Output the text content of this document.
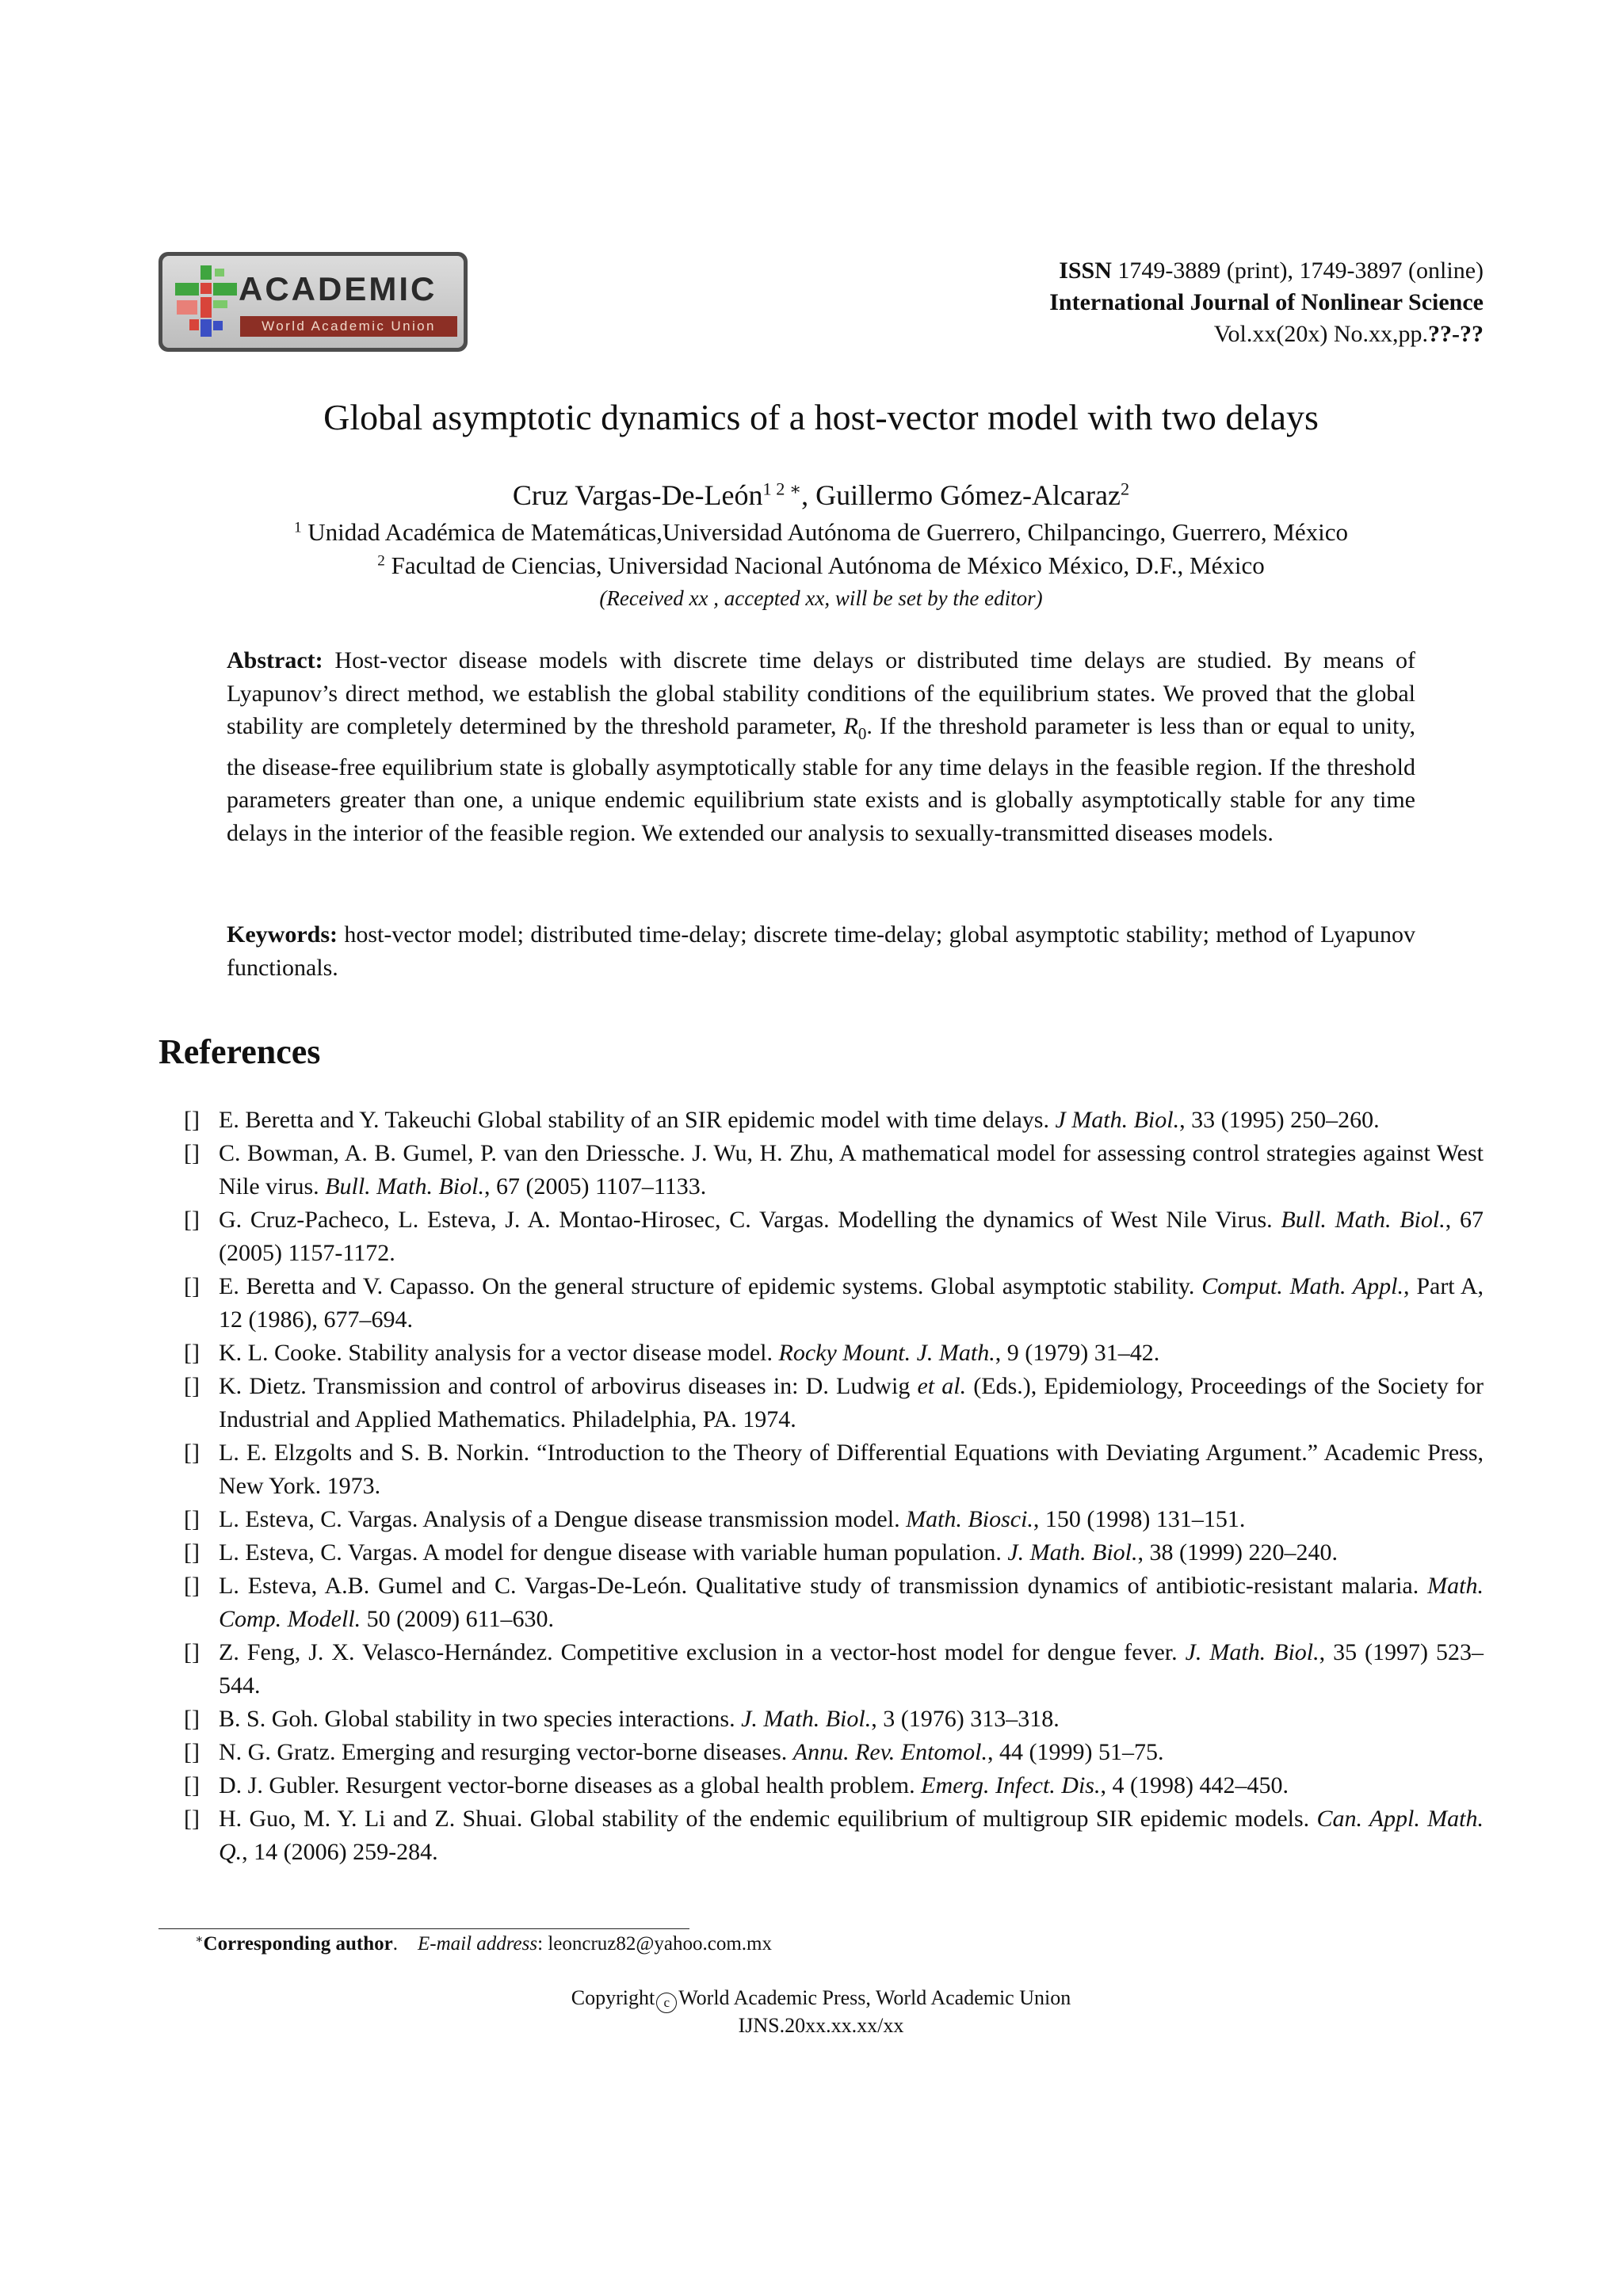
ACADEMIC
World Academic Union
ISSN 1749-3889 (print), 1749-3897 (online)
International Journal of Nonlinear Science
Vol.xx(20x) No.xx,pp.??-??
Global asymptotic dynamics of a host-vector model with two delays
Cruz Vargas-De-León$^{1 2 ∗}$, Guillermo Gómez-Alcaraz$^2$
$^1$ Unidad Académica de Matemáticas,Universidad Autónoma de Guerrero, Chilpancingo, Guerrero, México
$^2$ Facultad de Ciencias, Universidad Nacional Autónoma de México México, D.F., México
(Received xx , accepted xx, will be set by the editor)
Abstract: Host-vector disease models with discrete time delays or distributed time delays are studied. By means of Lyapunov’s direct method, we establish the global stability conditions of the equilibrium states. We proved that the global stability are completely determined by the threshold parameter, $R_0$. If the threshold parameter is less than or equal to unity, the disease-free equilibrium state is globally asymptotically stable for any time delays in the feasible region. If the threshold parameters greater than one, a unique endemic equilibrium state exists and is globally asymptotically stable for any time delays in the interior of the feasible region. We extended our analysis to sexually-transmitted diseases models.
Keywords: host-vector model; distributed time-delay; discrete time-delay; global asymptotic stability; method of Lyapunov functionals.
References
[] E. Beretta and Y. Takeuchi Global stability of an SIR epidemic model with time delays. J Math. Biol., 33 (1995) 250–260.
[] C. Bowman, A. B. Gumel, P. van den Driessche. J. Wu, H. Zhu, A mathematical model for assessing control strategies against West Nile virus. Bull. Math. Biol., 67 (2005) 1107–1133.
[] G. Cruz-Pacheco, L. Esteva, J. A. Montao-Hirosec, C. Vargas. Modelling the dynamics of West Nile Virus. Bull. Math. Biol., 67 (2005) 1157-1172.
[] E. Beretta and V. Capasso. On the general structure of epidemic systems. Global asymptotic stability. Comput. Math. Appl., Part A, 12 (1986), 677–694.
[] K. L. Cooke. Stability analysis for a vector disease model. Rocky Mount. J. Math., 9 (1979) 31–42.
[] K. Dietz. Transmission and control of arbovirus diseases in: D. Ludwig et al. (Eds.), Epidemiology, Proceedings of the Society for Industrial and Applied Mathematics. Philadelphia, PA. 1974.
[] L. E. Elzgolts and S. B. Norkin. “Introduction to the Theory of Differential Equations with Deviating Argument.” Academic Press, New York. 1973.
[] L. Esteva, C. Vargas. Analysis of a Dengue disease transmission model. Math. Biosci., 150 (1998) 131–151.
[] L. Esteva, C. Vargas. A model for dengue disease with variable human population. J. Math. Biol., 38 (1999) 220–240.
[] L. Esteva, A.B. Gumel and C. Vargas-De-León. Qualitative study of transmission dynamics of antibiotic-resistant malaria. Math. Comp. Modell. 50 (2009) 611–630.
[] Z. Feng, J. X. Velasco-Hernández. Competitive exclusion in a vector-host model for dengue fever. J. Math. Biol., 35 (1997) 523–544.
[] B. S. Goh. Global stability in two species interactions. J. Math. Biol., 3 (1976) 313–318.
[] N. G. Gratz. Emerging and resurging vector-borne diseases. Annu. Rev. Entomol., 44 (1999) 51–75.
[] D. J. Gubler. Resurgent vector-borne diseases as a global health problem. Emerg. Infect. Dis., 4 (1998) 442–450.
[] H. Guo, M. Y. Li and Z. Shuai. Global stability of the endemic equilibrium of multigroup SIR epidemic models. Can. Appl. Math. Q., 14 (2006) 259-284.
∗Corresponding author. E-mail address: leoncruz82@yahoo.com.mx
Copyright c World Academic Press, World Academic Union
IJNS.20xx.xx.xx/xx
